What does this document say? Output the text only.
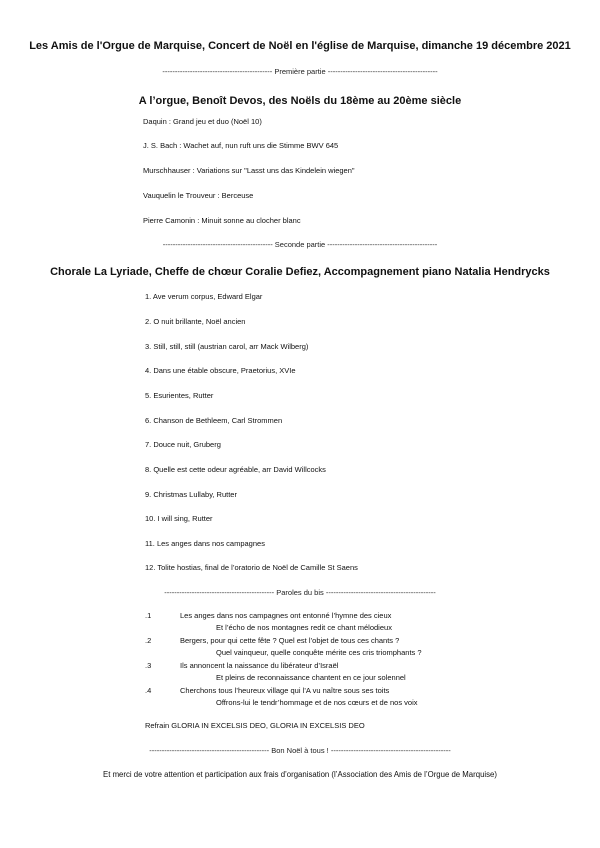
Les Amis de l'Orgue de Marquise, Concert de Noël en l'église de Marquise, dimanche 19 décembre 2021
-------------------------------------------- Première partie --------------------------------------------
A l’orgue, Benoît Devos, des Noëls du 18ème au 20ème siècle
Daquin : Grand jeu et duo (Noël 10)
J. S. Bach : Wachet auf, nun ruft uns die Stimme BWV 645
Murschhauser : Variations sur "Lasst uns das Kindelein wiegen"
Vauquelin le Trouveur : Berceuse
Pierre Camonin : Minuit sonne au clocher blanc
-------------------------------------------- Seconde partie --------------------------------------------
Chorale La Lyriade, Cheffe de chœur Coralie Defiez, Accompagnement piano Natalia Hendrycks
1. Ave verum corpus, Edward Elgar
2. O nuit brillante, Noël ancien
3. Still, still, still (austrian carol, arr Mack Wilberg)
4. Dans une étable obscure, Praetorius, XVIe
5. Esurientes, Rutter
6. Chanson de Bethleem, Carl Strommen
7. Douce nuit, Gruberg
8. Quelle est cette odeur agréable, arr David Willcocks
9. Christmas Lullaby, Rutter
10. I will sing, Rutter
11. Les anges dans nos campagnes
12. Tolite hostias, final de l’oratorio de Noël de Camille St Saens
-------------------------------------------- Paroles du bis --------------------------------------------
.1	Les anges dans nos campagnes ont entonné l’hymne des cieux
Et l’écho de nos montagnes redit ce chant mélodieux
.2	Bergers, pour qui cette fête ? Quel est l’objet de tous ces chants ?
Quel vainqueur, quelle conquête mérite ces cris triomphants ?
.3	Ils annoncent la naissance du libérateur d’Israël
Et pleins de reconnaissance chantent en ce jour solennel
.4	Cherchons tous l’heureux village qui l’A vu naître sous ses toits
Offrons-lui le tendr’hommage et de nos cœurs et de nos voix
Refrain GLORIA IN EXCELSIS DEO, GLORIA IN EXCELSIS DEO
------------------------------------------------ Bon Noël à tous ! ------------------------------------------------
Et merci de votre attention et participation aux frais d’organisation (l’Association des Amis de l’Orgue de Marquise)
